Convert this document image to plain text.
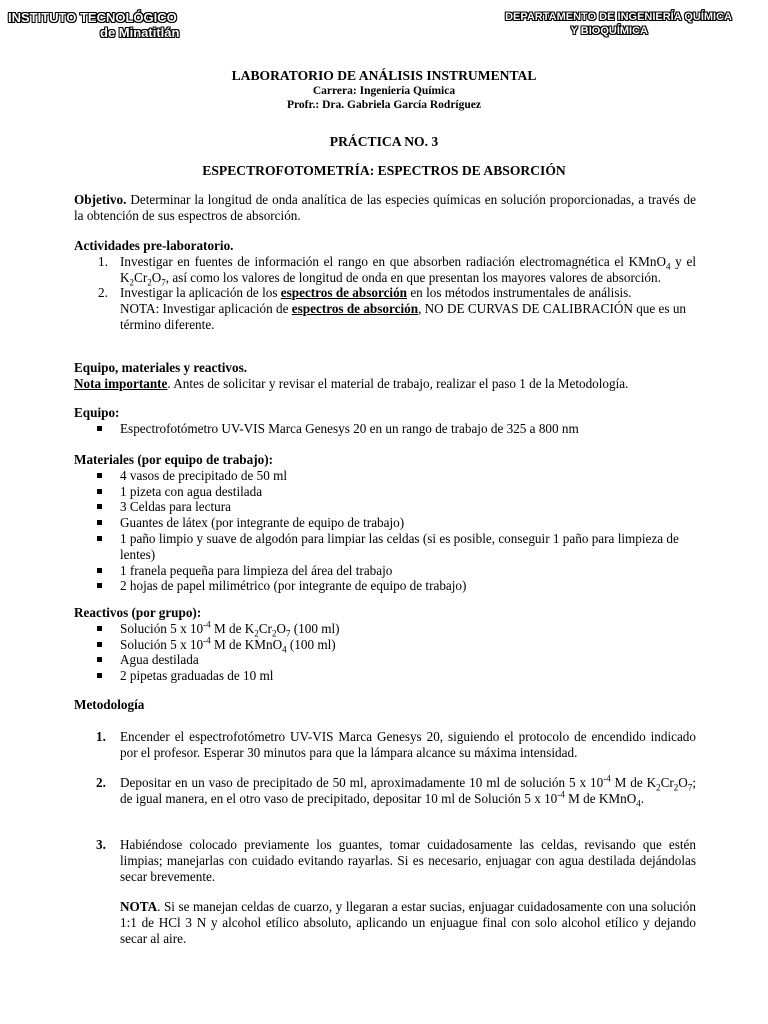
INSTITUTO TECNOLÓGICO
de Minatitlán
DEPARTAMENTO DE INGENIERÍA QUÍMICA
Y BIOQUÍMICA
LABORATORIO DE ANÁLISIS INSTRUMENTAL
Carrera: Ingeniería Química
Profr.: Dra. Gabriela García Rodríguez
PRÁCTICA NO. 3
ESPECTROFOTOMETRÍA: ESPECTROS DE ABSORCIÓN
Objetivo. Determinar la longitud de onda analítica de las especies químicas en solución proporcionadas, a través de la obtención de sus espectros de absorción.
Actividades pre-laboratorio.
1. Investigar en fuentes de información el rango en que absorben radiación electromagnética el KMnO$_4$ y el $K_2Cr_2O_7$, así como los valores de longitud de onda en que presentan los mayores valores de absorción.
2. Investigar la aplicación de los espectros de absorción en los métodos instrumentales de análisis.
NOTA: Investigar aplicación de espectros de absorción, NO DE CURVAS DE CALIBRACIÓN que es un término diferente.
Equipo, materiales y reactivos.
Nota importante. Antes de solicitar y revisar el material de trabajo, realizar el paso 1 de la Metodología.
Equipo:
Espectrofotómetro UV-VIS Marca Genesys 20 en un rango de trabajo de 325 a 800 nm
Materiales (por equipo de trabajo):
4 vasos de precipitado de 50 ml
1 pizeta con agua destilada
3 Celdas para lectura
Guantes de látex (por integrante de equipo de trabajo)
1 paño limpio y suave de algodón para limpiar las celdas (si es posible, conseguir 1 paño para limpieza de lentes)
1 franela pequeña para limpieza del área del trabajo
2 hojas de papel milimétrico (por integrante de equipo de trabajo)
Reactivos (por grupo):
Solución 5 x $10^{-4}$ M de $K_2Cr_2O_7$ (100 ml)
Solución 5 x $10^{-4}$ M de KMnO$_4$ (100 ml)
Agua destilada
2 pipetas graduadas de 10 ml
Metodología
1. Encender el espectrofotómetro UV-VIS Marca Genesys 20, siguiendo el protocolo de encendido indicado por el profesor. Esperar 30 minutos para que la lámpara alcance su máxima intensidad.
2. Depositar en un vaso de precipitado de 50 ml, aproximadamente 10 ml de solución 5 x $10^{-4}$ M de $K_2Cr_2O_7$; de igual manera, en el otro vaso de precipitado, depositar 10 ml de Solución 5 x $10^{-4}$ M de KMnO$_4$.
3. Habiéndose colocado previamente los guantes, tomar cuidadosamente las celdas, revisando que estén limpias; manejarlas con cuidado evitando rayarlas. Si es necesario, enjuagar con agua destilada dejándolas secar brevemente.
NOTA. Si se manejan celdas de cuarzo, y llegaran a estar sucias, enjuagar cuidadosamente con una solución 1:1 de HCl 3 N y alcohol etílico absoluto, aplicando un enjuague final con solo alcohol etílico y dejando secar al aire.
